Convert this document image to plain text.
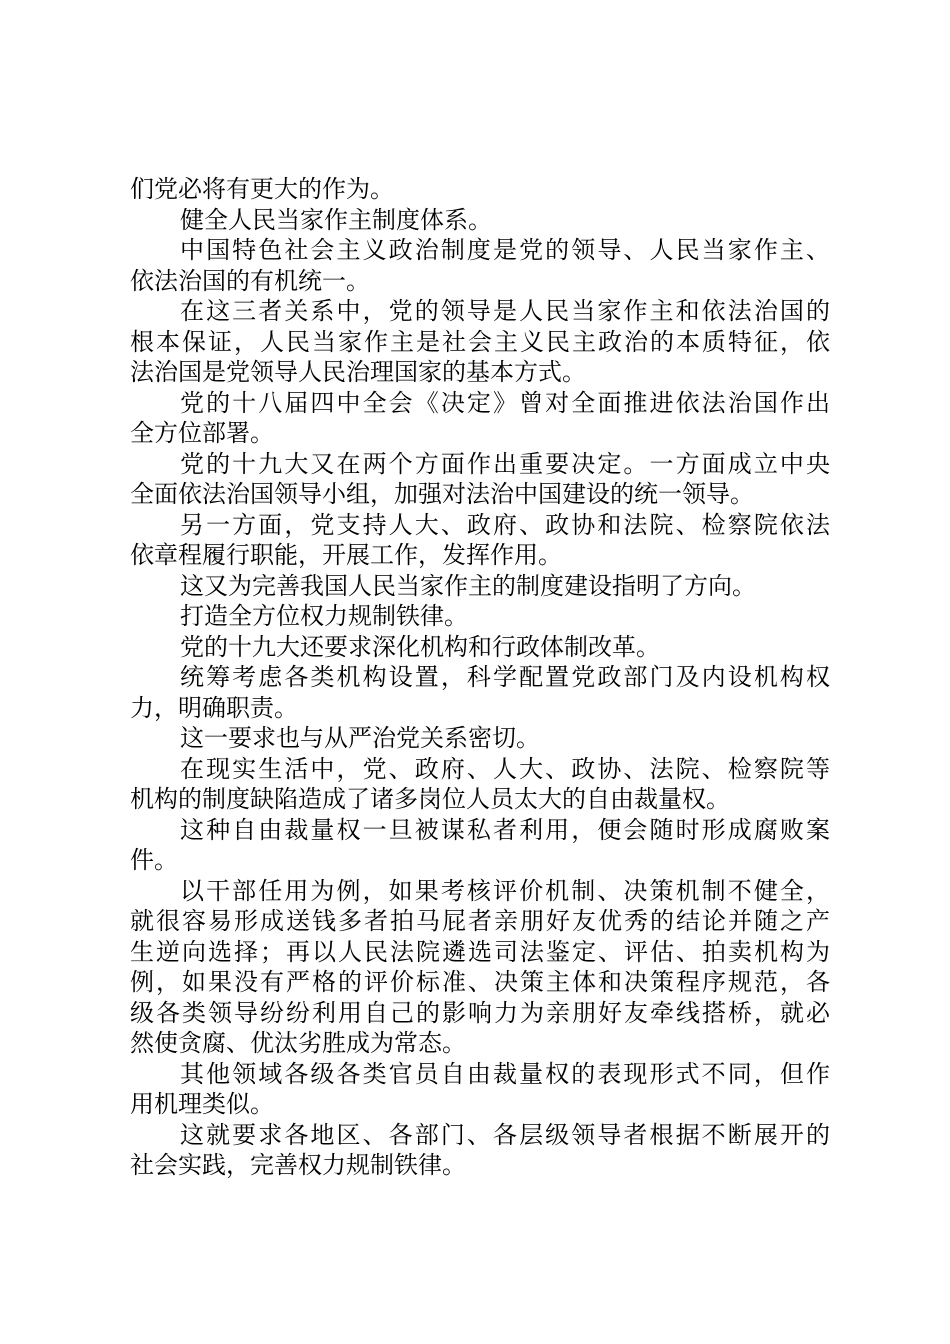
们党必将有更大的作为。
健全人民当家作主制度体系。
中国特色社会主义政治制度是党的领导、人民当家作主、
依法治国的有机统一。
在这三者关系中，党的领导是人民当家作主和依法治国的
根本保证，人民当家作主是社会主义民主政治的本质特征，依
法治国是党领导人民治理国家的基本方式。
党的十八届四中全会《决定》曾对全面推进依法治国作出
全方位部署。
党的十九大又在两个方面作出重要决定。一方面成立中央
全面依法治国领导小组，加强对法治中国建设的统一领导。
另一方面，党支持人大、政府、政协和法院、检察院依法
依章程履行职能，开展工作，发挥作用。
这又为完善我国人民当家作主的制度建设指明了方向。
打造全方位权力规制铁律。
党的十九大还要求深化机构和行政体制改革。
统筹考虑各类机构设置，科学配置党政部门及内设机构权
力，明确职责。
这一要求也与从严治党关系密切。
在现实生活中，党、政府、人大、政协、法院、检察院等
机构的制度缺陷造成了诸多岗位人员太大的自由裁量权。
这种自由裁量权一旦被谋私者利用，便会随时形成腐败案
件。
以干部任用为例，如果考核评价机制、决策机制不健全，
就很容易形成送钱多者拍马屁者亲朋好友优秀的结论并随之产
生逆向选择；再以人民法院遴选司法鉴定、评估、拍卖机构为
例，如果没有严格的评价标准、决策主体和决策程序规范，各
级各类领导纷纷利用自己的影响力为亲朋好友牵线搭桥，就必
然使贪腐、优汰劣胜成为常态。
其他领域各级各类官员自由裁量权的表现形式不同，但作
用机理类似。
这就要求各地区、各部门、各层级领导者根据不断展开的
社会实践，完善权力规制铁律。
